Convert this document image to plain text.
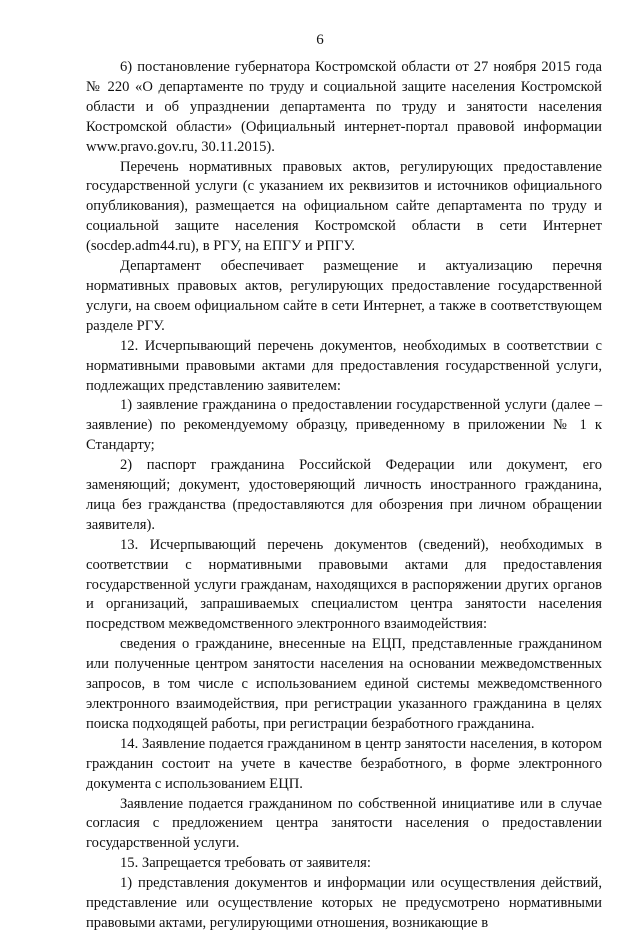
6

6) постановление губернатора Костромской области от 27 ноября 2015 года № 220 «О департаменте по труду и социальной защите населения Костромской области и об упразднении департамента по труду и занятости населения Костромской области» (Официальный интернет-портал правовой информации www.pravo.gov.ru, 30.11.2015).

Перечень нормативных правовых актов, регулирующих предоставление государственной услуги (с указанием их реквизитов и источников официального опубликования), размещается на официальном сайте департамента по труду и социальной защите населения Костромской области в сети Интернет (socdep.adm44.ru), в РГУ, на ЕПГУ и РПГУ.

Департамент обеспечивает размещение и актуализацию перечня нормативных правовых актов, регулирующих предоставление государственной услуги, на своем официальном сайте в сети Интернет, а также в соответствующем разделе РГУ.

12. Исчерпывающий перечень документов, необходимых в соответствии с нормативными правовыми актами для предоставления государственной услуги, подлежащих представлению заявителем:

1) заявление гражданина о предоставлении государственной услуги (далее – заявление) по рекомендуемому образцу, приведенному в приложении № 1 к Стандарту;

2) паспорт гражданина Российской Федерации или документ, его заменяющий; документ, удостоверяющий личность иностранного гражданина, лица без гражданства (предоставляются для обозрения при личном обращении заявителя).

13. Исчерпывающий перечень документов (сведений), необходимых в соответствии с нормативными правовыми актами для предоставления государственной услуги гражданам, находящихся в распоряжении других органов и организаций, запрашиваемых специалистом центра занятости населения посредством межведомственного электронного взаимодействия:

сведения о гражданине, внесенные на ЕЦП, представленные гражданином или полученные центром занятости населения на основании межведомственных запросов, в том числе с использованием единой системы межведомственного электронного взаимодействия, при регистрации указанного гражданина в целях поиска подходящей работы, при регистрации безработного гражданина.

14. Заявление подается гражданином в центр занятости населения, в котором гражданин состоит на учете в качестве безработного, в форме электронного документа с использованием ЕЦП.

Заявление подается гражданином по собственной инициативе или в случае согласия с предложением центра занятости населения о предоставлении государственной услуги.

15. Запрещается требовать от заявителя:

1) представления документов и информации или осуществления действий, представление или осуществление которых не предусмотрено нормативными правовыми актами, регулирующими отношения, возникающие в
